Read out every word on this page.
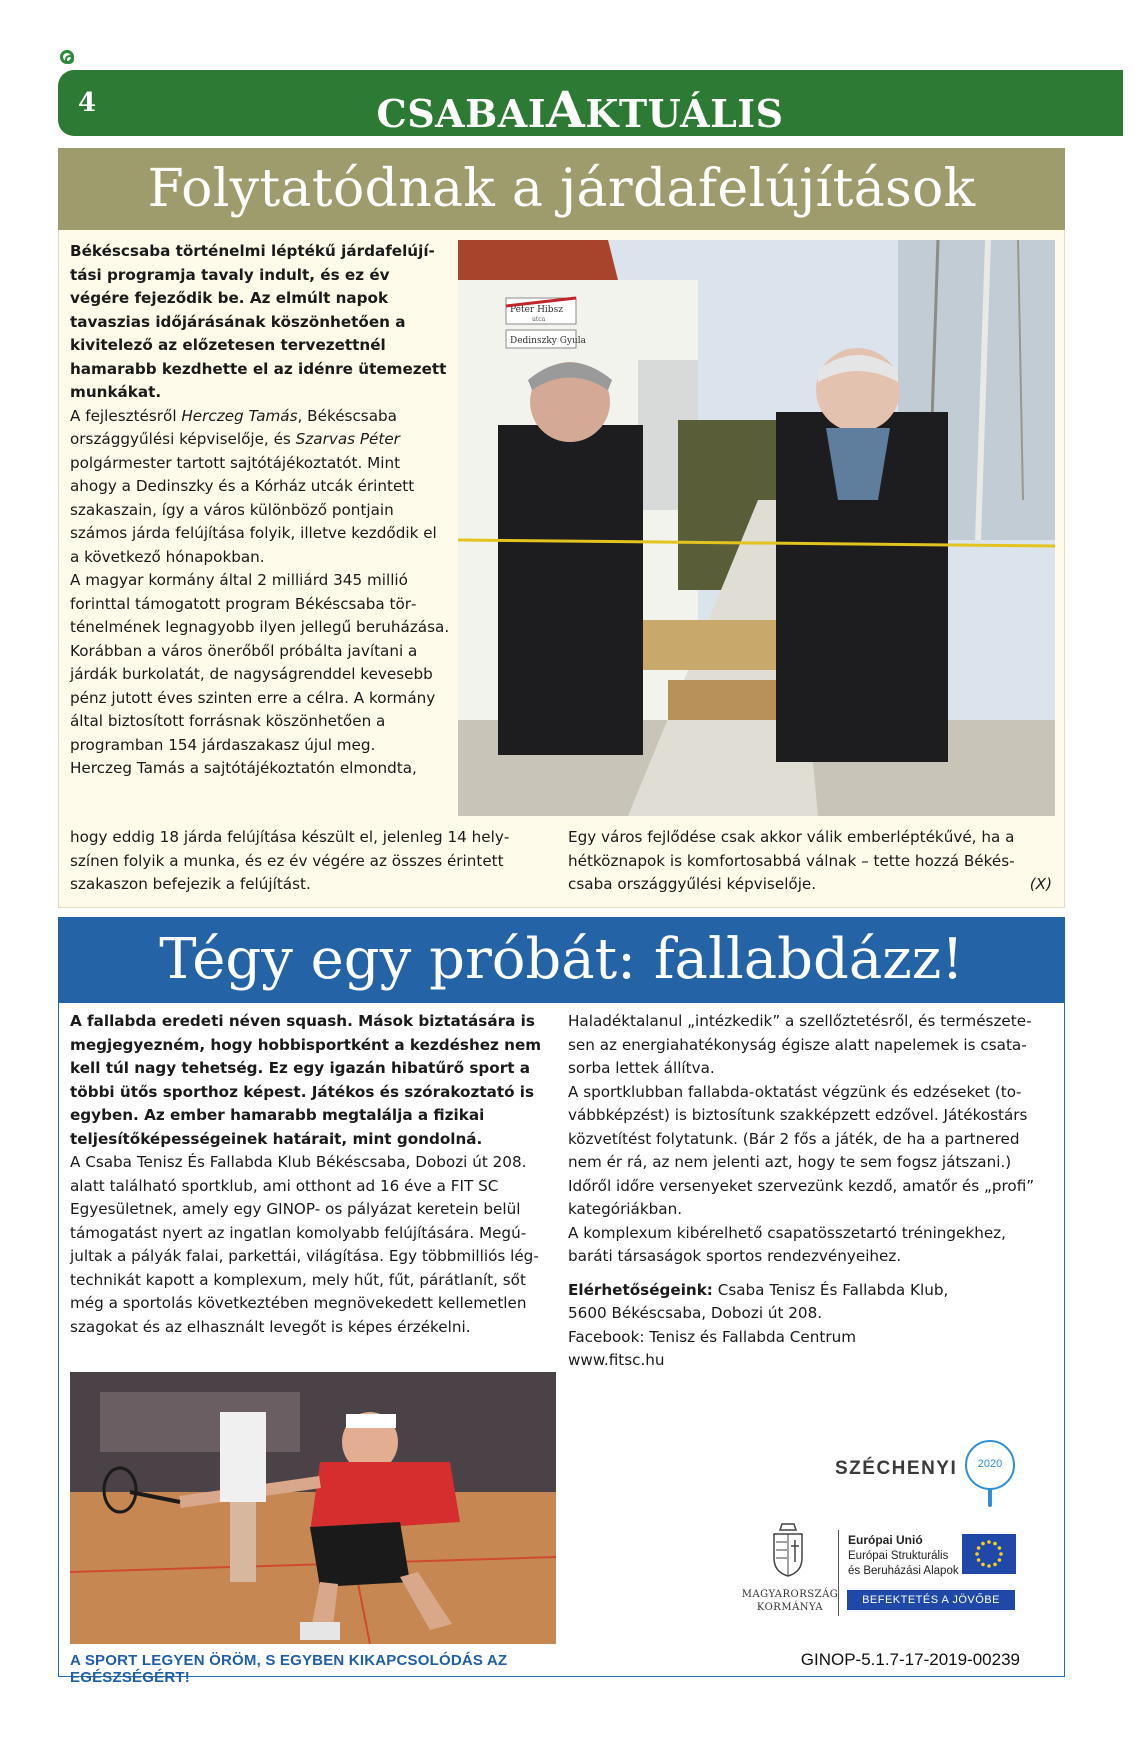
4	CSABAIAKTUÁLIS
Folytatódnak a járdafelújítások

Békéscsaba történelmi léptékű járdafelújítási programja tavaly indult, és ez év végére fejeződik be. Az elmúlt napok tavaszias időjárásának köszönhetően a kivitelező az előzetesen tervezettnél hamarabb kezdhette el az idénre ütemezett munkákat.

A fejlesztésről Herczeg Tamás, Békéscsaba országgyűlési képviselője, és Szarvas Péter polgármester tartott sajtótájékoztatót. Mint ahogy a Dedinszky és a Kórház utcák érintett szakaszain, így a város különböző pontjain számos járda felújítása folyik, illetve kezdődik el a következő hónapokban.

A magyar kormány által 2 milliárd 345 millió forinttal támogatott program Békéscsaba történelmének legnagyobb ilyen jellegű beruházása. Korábban a város önerőből próbálta javítani a járdák burkolatát, de nagyságrenddel kevesebb pénz jutott éves szinten erre a célra. A kormány által biztosított forrásnak köszönhetően a programban 154 járdaszakasz újul meg.

Herczeg Tamás a sajtótájékoztatón elmondta,

hogy eddig 18 járda felújítása készült el, jelenleg 14 helyszínen folyik a munka, és ez év végére az összes érintett szakaszon befejezik a felújítást.
Peter Hibsz
utca
Dedinszky Gyula
Egy város fejlődése csak akkor válik emberléptékűvé, ha a hétköznapok is komfortosabbá válnak – tette hozzá Békéscsaba országgyűlési képviselője.	(X)
Tégy egy próbát: fallabdázz!

A fallabda eredeti néven squash. Mások biztatására is megjegyezném, hogy hobbisportként a kezdéshez nem kell túl nagy tehetség. Ez egy igazán hibatűrő sport a többi ütős sporthoz képest. Játékos és szórakoztató is egyben. Az ember hamarabb megtalálja a fizikai teljesítőképességeinek határait, mint gondolná.

A Csaba Tenisz És Fallabda Klub Békéscsaba, Dobozi út 208. alatt található sportklub, ami otthont ad 16 éve a FIT SC Egyesületnek, amely egy GINOP- os pályázat keretein belül támogatást nyert az ingatlan komolyabb felújítására. Megújultak a pályák falai, parkettái, világítása. Egy többmilliós légtechnikát kapott a komplexum, mely hűt, fűt, párátlanít, sőt még a sportolás következtében megnövekedett kellemetlen szagokat és az elhasznált levegőt is képes érzékelni.

Haladéktalanul „intézkedik” a szellőztetésről, és természetesen az energiahatékonyság égisze alatt napelemek is csatasorba lettek állítva.

A sportklubban fallabda-oktatást végzünk és edzéseket (továbbképzést) is biztosítunk szakképzett edzővel. Játékostárs közvetítést folytatunk. (Bár 2 fős a játék, de ha a partnered nem ér rá, az nem jelenti azt, hogy te sem fogsz játszani.) Időről időre versenyeket szervezünk kezdő, amatőr és „profi” kategóriákban.

A komplexum kibérelhető csapatösszetartó tréningekhez, baráti társaságok sportos rendezvényeihez.

Elérhetőségeink: Csaba Tenisz És Fallabda Klub,

5600 Békéscsaba, Dobozi út 208.

Facebook: Tenisz és Fallabda Centrum

www.fitsc.hu

A SPORT LEGYEN ÖRÖM, S EGYBEN KIKAPCSOLÓDÁS AZ EGÉSZSÉGÉRT!
SZÉCHENYI	2020
MAGYARORSZÁG
KORMÁNYA
Európai Unió
Európai Strukturális
és Beruházási Alapok
BEFEKTETÉS A JÖVŐBE
GINOP-5.1.7-17-2019-00239
